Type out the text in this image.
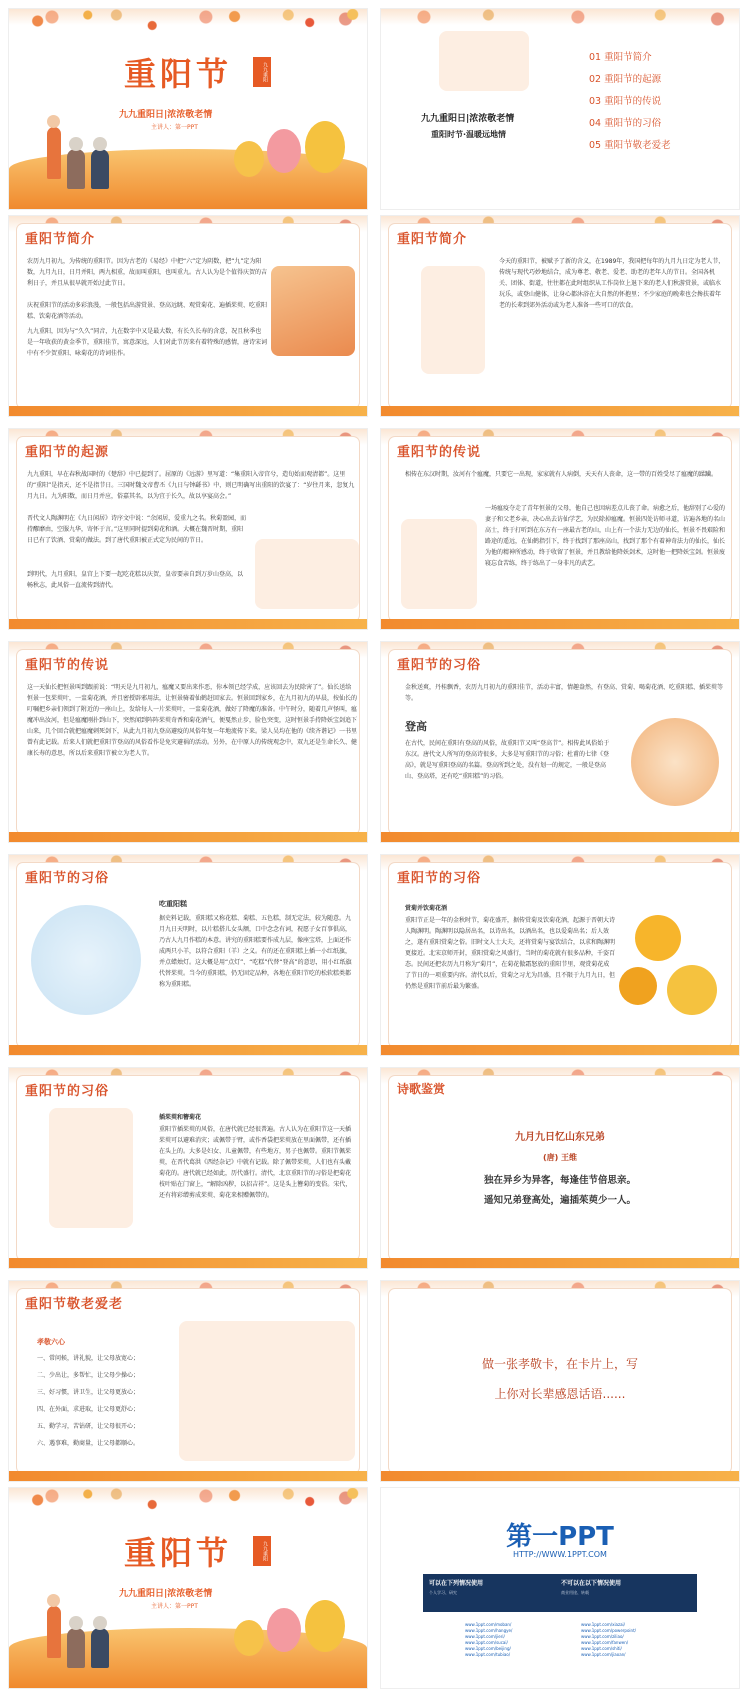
重阳节	九九重阳
九九重阳日|浓浓敬老情
主讲人：第一PPT
九九重阳日|浓浓敬老情
重阳时节·温暖远地情
01 重阳节简介
02 重阳节的起源
03 重阳节的传说
04 重阳节的习俗
05 重阳节敬老爱老
重阳节简介
农历九月初九，为传统的重阳节。因为古老的《易经》中把“六”定为阴数，把“九”定为阳数，九月九日，日月并阳，两九相重，故而叫重阳，也叫重九。古人认为是个值得庆贺的吉利日子，并且从很早就开始过此节日。
庆祝重阳节的活动多彩浪漫，一般包括出游赏景、登高远眺、观赏菊花、遍插茱萸、吃重阳糕、饮菊花酒等活动。
九九重阳，因为与“久久”同音，九在数字中又是最大数，有长久长寿的含意，况且秋季也是一年收获的黄金季节，重阳佳节，寓意深远，人们对此节历来有着特殊的感情，唐诗宋词中有不少贺重阳、咏菊花的诗词佳作。
重阳节简介
今天的重阳节，被赋予了新的含义，在1989年，我国把每年的九月九日定为老人节，传统与现代巧妙地结合，成为尊老、敬老、爱老、助老的老年人的节日。全国各机关、团体、街道，往往都在此时组织从工作岗位上退下来的老人们秋游赏景，或临水玩乐，或登山健体，让身心都沐浴在大自然的怀抱里；不少家庭的晚辈也会搀扶着年老的长辈到郊外活动或为老人准备一些可口的饮食。
重阳节的起源
九九重阳，早在春秋战国时的《楚辞》中已提到了。屈原的《远游》里写道：“集重阳入帝宫兮，造旬始而观清都”。这里的“重阳”是指天，还不是指节日。三国时魏文帝曹丕《九日与钟繇书》中，则已明确写出重阳的饮宴了：“岁往月来，忽复九月九日。九为阳数，而日月并应，俗嘉其名，以为宜于长久，故以享宴高会。”
晋代文人陶渊明在《九日闲居》诗序文中说：“余闲居，爱重九之名。秋菊盈园，而持醪靡由，空服九华，寄怀于言。”这里同时提到菊花和酒。大概在魏晋时期，重阳日已有了饮酒、赏菊的做法。到了唐代重阳被正式定为民间的节日。
到明代，九月重阳，皇宫上下要一起吃花糕以庆贺，皇帝要亲自到万岁山登高，以畅秋志，此风俗一直流传到清代。
重阳节的传说
相传在东汉时期，汝河有个瘟魔，只要它一出现，家家就有人病倒，天天有人丧命，这一带的百姓受尽了瘟魔的蹂躏。
一场瘟疫夺走了青年恒景的父母，他自己也因病差点儿丧了命。病愈之后，他辞别了心爱的妻子和父老乡亲，决心出去访仙学艺，为民除掉瘟魔。恒景四处访师寻道，访遍各地的名山高士，终于打听到在东方有一座最古老的山，山上有一个法力无边的仙长，恒景不畏艰险和路途的遥远，在仙鹤指引下，终于找到了那座高山，找到了那个有着神奇法力的仙长，仙长为他的精神所感动，终于收留了恒景，并且教给他降妖剑术，这时他一把降妖宝剑。恒景废寝忘食苦练，终于练出了一身非凡的武艺。
重阳节的传说
这一天仙长把恒景叫到跟前说：“明天是九月初九，瘟魔又要出来作恶，你本领已经学成，应该回去为民除害了”。仙长送给恒景一包茱萸叶，一盅菊花酒，并且密授辟邪用法，让恒景骑着仙鹤赶回家去。恒景回到家乡，在九月初九的早晨，按仙长的叮嘱把乡亲们领到了附近的一座山上，发给每人一片茱萸叶，一盅菊花酒，做好了降魔的准备。中午时分，随着几声怪叫，瘟魔冲出汝河，但是瘟魔刚扑到山下，突然闻到阵阵茱萸奇香和菊花酒气，便戛然止步，脸色突变，这时恒景手持降妖宝剑追下山来，几个回合就把瘟魔刺死剑下，从此九月初九登高避疫的风俗年复一年地流传下来。梁人吴均在他的《续齐谐记》一书里曾有此记载。后来人们就把重阳节登高的风俗看作是免灾避祸的活动。另外，在中原人的传统观念中，双九还是生命长久、健康长寿的意思，所以后来重阳节被立为老人节。
重阳节的习俗
金秋送爽，丹桂飘香，农历九月初九的重阳佳节，活动丰富，情趣盎然，有登高、赏菊、喝菊花酒、吃重阳糕、插茱萸等等。
登高
在古代，民间在重阳有登高的风俗，故重阳节又叫“登高节”。相传此风俗始于东汉。唐代文人所写的登高诗很多，大多是写重阳节的习俗；杜甫的七律《登高》，就是写重阳登高的名篇。登高所到之处，没有划一的规定，一般是登高山、登高塔，还有吃“重阳糕”的习俗。
重阳节的习俗
吃重阳糕
据史料记载，重阳糕又称花糕、菊糕、五色糕，制无定法，较为随意。九月九日天明时，以片糕搭儿女头额，口中念念有词，祝愿子女百事俱高，乃古人九月作糕的本意。讲究的重阳糕要作成九层，像座宝塔，上面还作成两只小羊，以符合重阳（羊）之义。有的还在重阳糕上插一小红纸旗，并点蜡烛灯。这大概是用“点灯”、“吃糕”代替“登高”的意思，用小红纸旗代替茱萸。当今的重阳糕，仍无固定品种，各地在重阳节吃的松软糕类都称为重阳糕。
重阳节的习俗
赏菊并饮菊花酒
重阳节正是一年的金秋时节，菊花盛开，据传赏菊及饮菊花酒，起源于晋朝大诗人陶渊明。陶渊明以隐居出名，以诗出名，以酒出名，也以爱菊出名；后人效之，遂有重阳赏菊之俗。旧时文人士大夫，还将赏菊与宴饮结合，以求和陶渊明更接近。北宋京师开封，重阳赏菊之风盛行，当时的菊花就有很多品种，千姿百态。民间还把农历九月称为“菊月”，在菊花傲霜怒放的重阳节里，观赏菊花成了节日的一项重要内容。清代以后，赏菊之习尤为昌盛，且不限于九月九日，但仍然是重阳节前后最为繁盛。
重阳节的习俗
插茱萸和簪菊花
重阳节插茱萸的风俗，在唐代就已经很普遍。古人认为在重阳节这一天插茱萸可以避难消灾；或佩带于臂，或作香袋把茱萸放在里面佩带，还有插在头上的。大多是妇女、儿童佩带，有些地方，男子也佩带。重阳节佩茱萸，在晋代葛洪《西经杂记》中就有记载。除了佩带茱萸，人们也有头戴菊花的。唐代就已经如此，历代盛行。清代，北京重阳节的习俗是把菊花枝叶贴在门窗上，“解除凶秽，以招吉祥”。这是头上簪菊的变俗。宋代，还有将彩缯剪成茱萸、菊花来相赠佩带的。
诗歌鉴赏
九月九日忆山东兄弟
(唐) 王维
独在异乡为异客，每逢佳节倍思亲。
遥知兄弟登高处，遍插茱萸少一人。
重阳节敬老爱老
孝敬六心
一、常问候，讲礼貌，让父母放宽心；
二、少出让，多帮忙，让父母少操心；
三、好习惯，讲卫生，让父母更放心；
四、在外面，求进取，让父母更舒心；
五、勤学习，苦钻研，让父母很开心；
六、遇事难，勤商量，让父母都顺心。
做一张孝敬卡，在卡片上，写
上你对长辈感恩话语......
重阳节	九九重阳
九九重阳日|浓浓敬老情
主讲人：第一PPT
第一PPT
HTTP://WWW.1PPT.COM
可以在下列情况使用
个人学习、研究
不可以在以下情况使用
商业用途、转载
www.1ppt.com/moban/
www.1ppt.com/hangye/
www.1ppt.com/jieri/
www.1ppt.com/sucai/
www.1ppt.com/beijing/
www.1ppt.com/tubiao/
www.1ppt.com/xiazai/
www.1ppt.com/powerpoint/
www.1ppt.com/ziliao/
www.1ppt.com/fanwen/
www.1ppt.com/shiti/
www.1ppt.com/jiaoan/
